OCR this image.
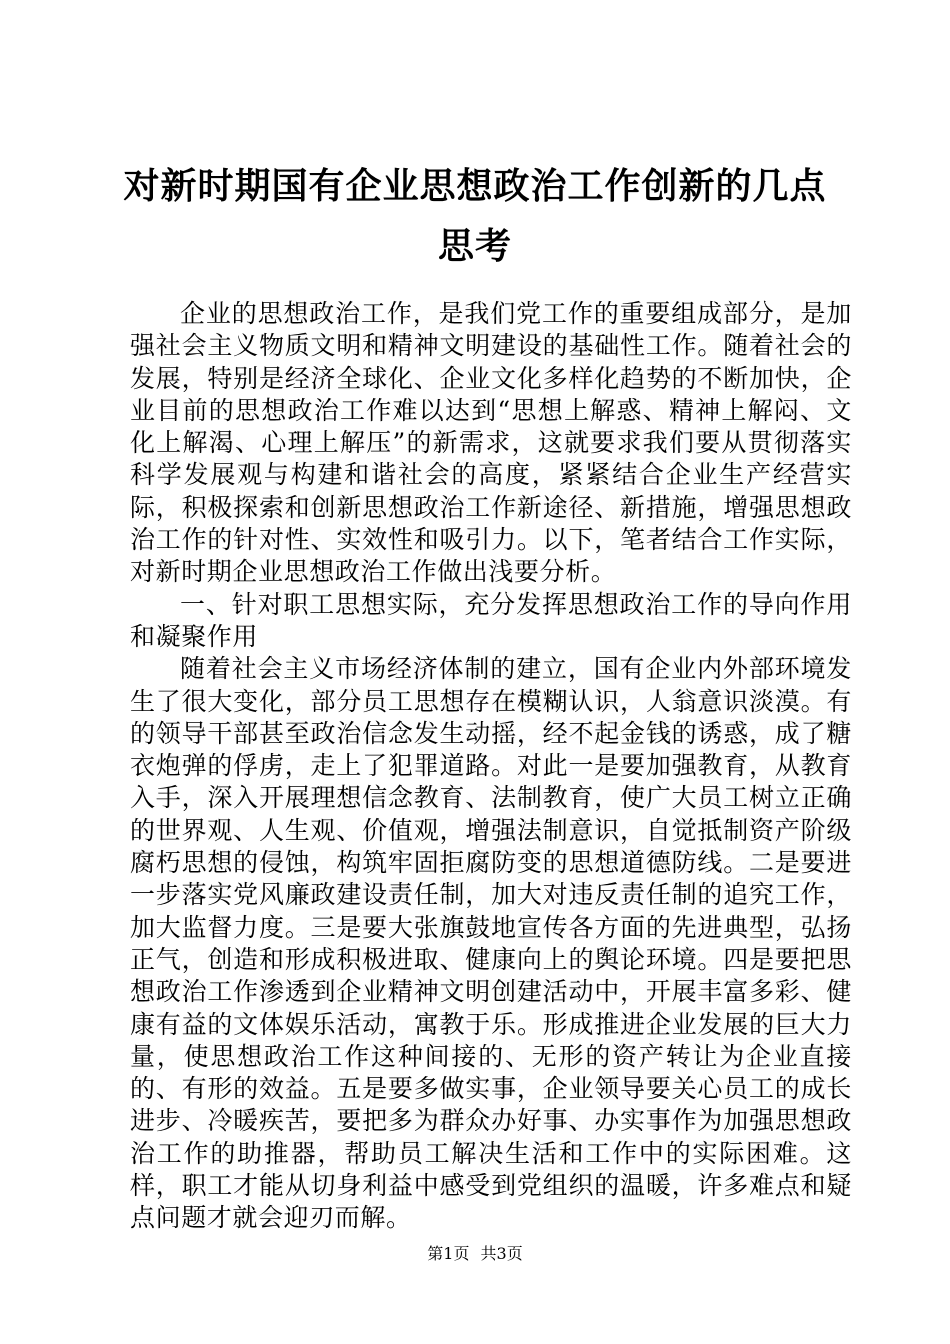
对新时期国有企业思想政治工作创新的几点思考

企业的思想政治工作，是我们党工作的重要组成部分，是加强社会主义物质文明和精神文明建设的基础性工作。随着社会的发展，特别是经济全球化、企业文化多样化趋势的不断加快，企业目前的思想政治工作难以达到“思想上解惑、精神上解闷、文化上解渴、心理上解压”的新需求，这就要求我们要从贯彻落实科学发展观与构建和谐社会的高度，紧紧结合企业生产经营实际，积极探索和创新思想政治工作新途径、新措施，增强思想政治工作的针对性、实效性和吸引力。以下，笔者结合工作实际，对新时期企业思想政治工作做出浅要分析。

一、针对职工思想实际，充分发挥思想政治工作的导向作用和凝聚作用

随着社会主义市场经济体制的建立，国有企业内外部环境发生了很大变化，部分员工思想存在模糊认识，人翁意识淡漠。有的领导干部甚至政治信念发生动摇，经不起金钱的诱惑，成了糖衣炮弹的俘虏，走上了犯罪道路。对此一是要加强教育，从教育入手，深入开展理想信念教育、法制教育，使广大员工树立正确的世界观、人生观、价值观，增强法制意识，自觉抵制资产阶级腐朽思想的侵蚀，构筑牢固拒腐防变的思想道德防线。二是要进一步落实党风廉政建设责任制，加大对违反责任制的追究工作，加大监督力度。三是要大张旗鼓地宣传各方面的先进典型，弘扬正气，创造和形成积极进取、健康向上的舆论环境。四是要把思想政治工作渗透到企业精神文明创建活动中，开展丰富多彩、健康有益的文体娱乐活动，寓教于乐。形成推进企业发展的巨大力量，使思想政治工作这种间接的、无形的资产转让为企业直接的、有形的效益。五是要多做实事，企业领导要关心员工的成长进步、冷暖疾苦，要把多为群众办好事、办实事作为加强思想政治工作的助推器，帮助员工解决生活和工作中的实际困难。这样，职工才能从切身利益中感受到党组织的温暖，许多难点和疑点问题才就会迎刃而解。

第1页 共3页
